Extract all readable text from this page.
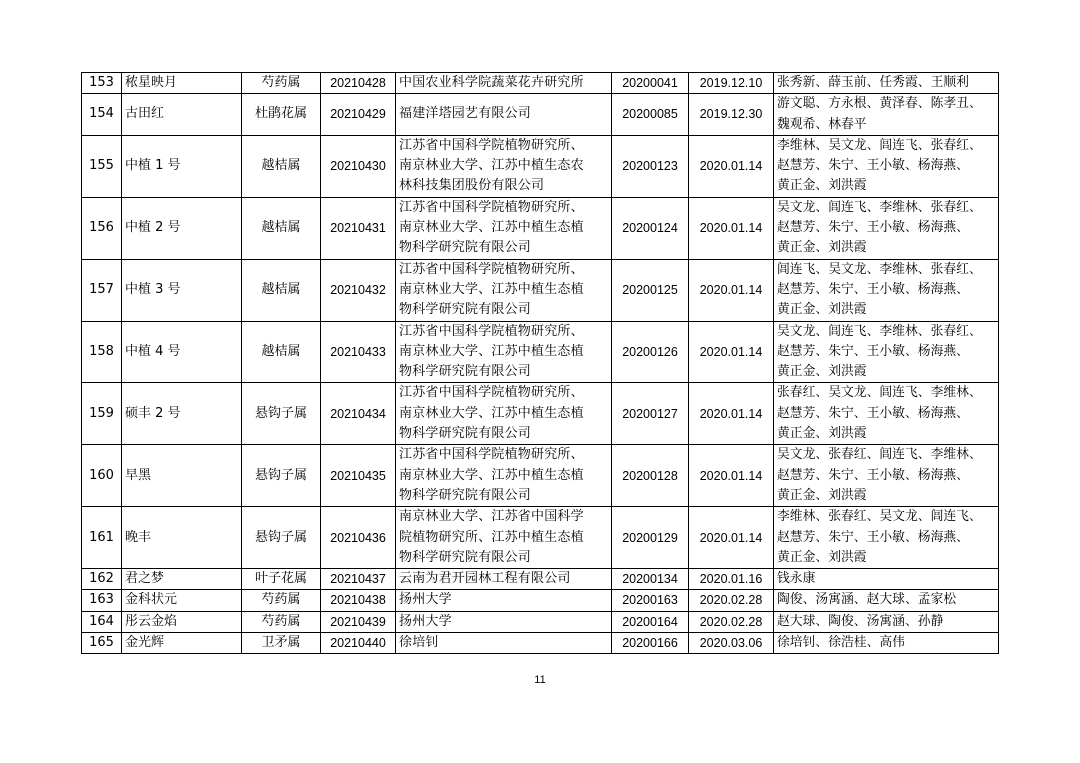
153	秾星映月	芍药属	20210428	中国农业科学院蔬菜花卉研究所	20200041	2019.12.10	张秀新、薛玉前、任秀霞、王顺利
154	古田红	杜鹃花属	20210429	福建洋塔园艺有限公司	20200085	2019.12.30	游文聪、方永根、黄泽春、陈孝丑、
魏观希、林春平
155	中植 1 号	越桔属	20210430	江苏省中国科学院植物研究所、
南京林业大学、江苏中植生态农
林科技集团股份有限公司	20200123	2020.01.14	李维林、吴文龙、闾连飞、张春红、
赵慧芳、朱宁、王小敏、杨海燕、
黄正金、刘洪霞
156	中植 2 号	越桔属	20210431	江苏省中国科学院植物研究所、
南京林业大学、江苏中植生态植
物科学研究院有限公司	20200124	2020.01.14	吴文龙、闾连飞、李维林、张春红、
赵慧芳、朱宁、王小敏、杨海燕、
黄正金、刘洪霞
157	中植 3 号	越桔属	20210432	江苏省中国科学院植物研究所、
南京林业大学、江苏中植生态植
物科学研究院有限公司	20200125	2020.01.14	闾连飞、吴文龙、李维林、张春红、
赵慧芳、朱宁、王小敏、杨海燕、
黄正金、刘洪霞
158	中植 4 号	越桔属	20210433	江苏省中国科学院植物研究所、
南京林业大学、江苏中植生态植
物科学研究院有限公司	20200126	2020.01.14	吴文龙、闾连飞、李维林、张春红、
赵慧芳、朱宁、王小敏、杨海燕、
黄正金、刘洪霞
159	硕丰 2 号	悬钩子属	20210434	江苏省中国科学院植物研究所、
南京林业大学、江苏中植生态植
物科学研究院有限公司	20200127	2020.01.14	张春红、吴文龙、闾连飞、李维林、
赵慧芳、朱宁、王小敏、杨海燕、
黄正金、刘洪霞
160	早黑	悬钩子属	20210435	江苏省中国科学院植物研究所、
南京林业大学、江苏中植生态植
物科学研究院有限公司	20200128	2020.01.14	吴文龙、张春红、闾连飞、李维林、
赵慧芳、朱宁、王小敏、杨海燕、
黄正金、刘洪霞
161	晚丰	悬钩子属	20210436	南京林业大学、江苏省中国科学
院植物研究所、江苏中植生态植
物科学研究院有限公司	20200129	2020.01.14	李维林、张春红、吴文龙、闾连飞、
赵慧芳、朱宁、王小敏、杨海燕、
黄正金、刘洪霞
162	君之梦	叶子花属	20210437	云南为君开园林工程有限公司	20200134	2020.01.16	钱永康
163	金科状元	芍药属	20210438	扬州大学	20200163	2020.02.28	陶俊、汤寓涵、赵大球、孟家松
164	彤云金焰	芍药属	20210439	扬州大学	20200164	2020.02.28	赵大球、陶俊、汤寓涵、孙静
165	金光辉	卫矛属	20210440	徐培钊	20200166	2020.03.06	徐培钊、徐浩桂、高伟
11
